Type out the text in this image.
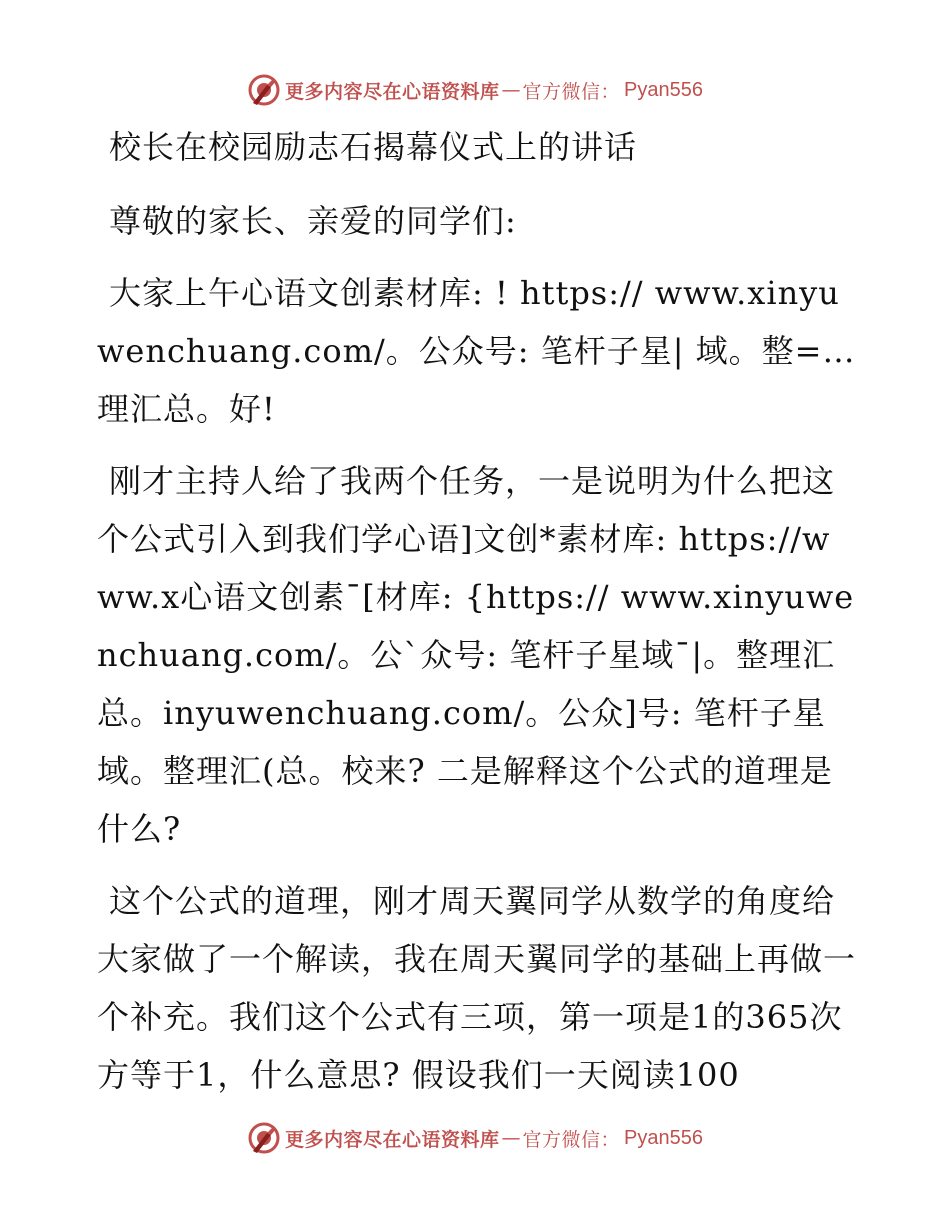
更多内容尽在心语资料库 — 官方微信： Pyan556

校长在校园励志石揭幕仪式上的讲话

尊敬的家长、亲爱的同学们:

大家上午心语文创素材库: ! https:// www.xinyuwenchuang.com/。公众号: 笔杆子星| 域。整=…理汇总。好!

刚才主持人给了我两个任务，一是说明为什么把这个公式引入到我们学心语]文创*素材库: https://www.x心语文创素¯[材库: {https:// www.xinyuwenchuang.com/。公`众号: 笔杆子星域¯|。整理汇总。inyuwenchuang.com/。公众]号: 笔杆子星域。整理汇(总。校来? 二是解释这个公式的道理是什么?

这个公式的道理，刚才周天翼同学从数学的角度给大家做了一个解读，我在周天翼同学的基础上再做一个补充。我们这个公式有三项，第一项是1的365次方等于1，什么意思? 假设我们一天阅读100

更多内容尽在心语资料库 — 官方微信： Pyan556
